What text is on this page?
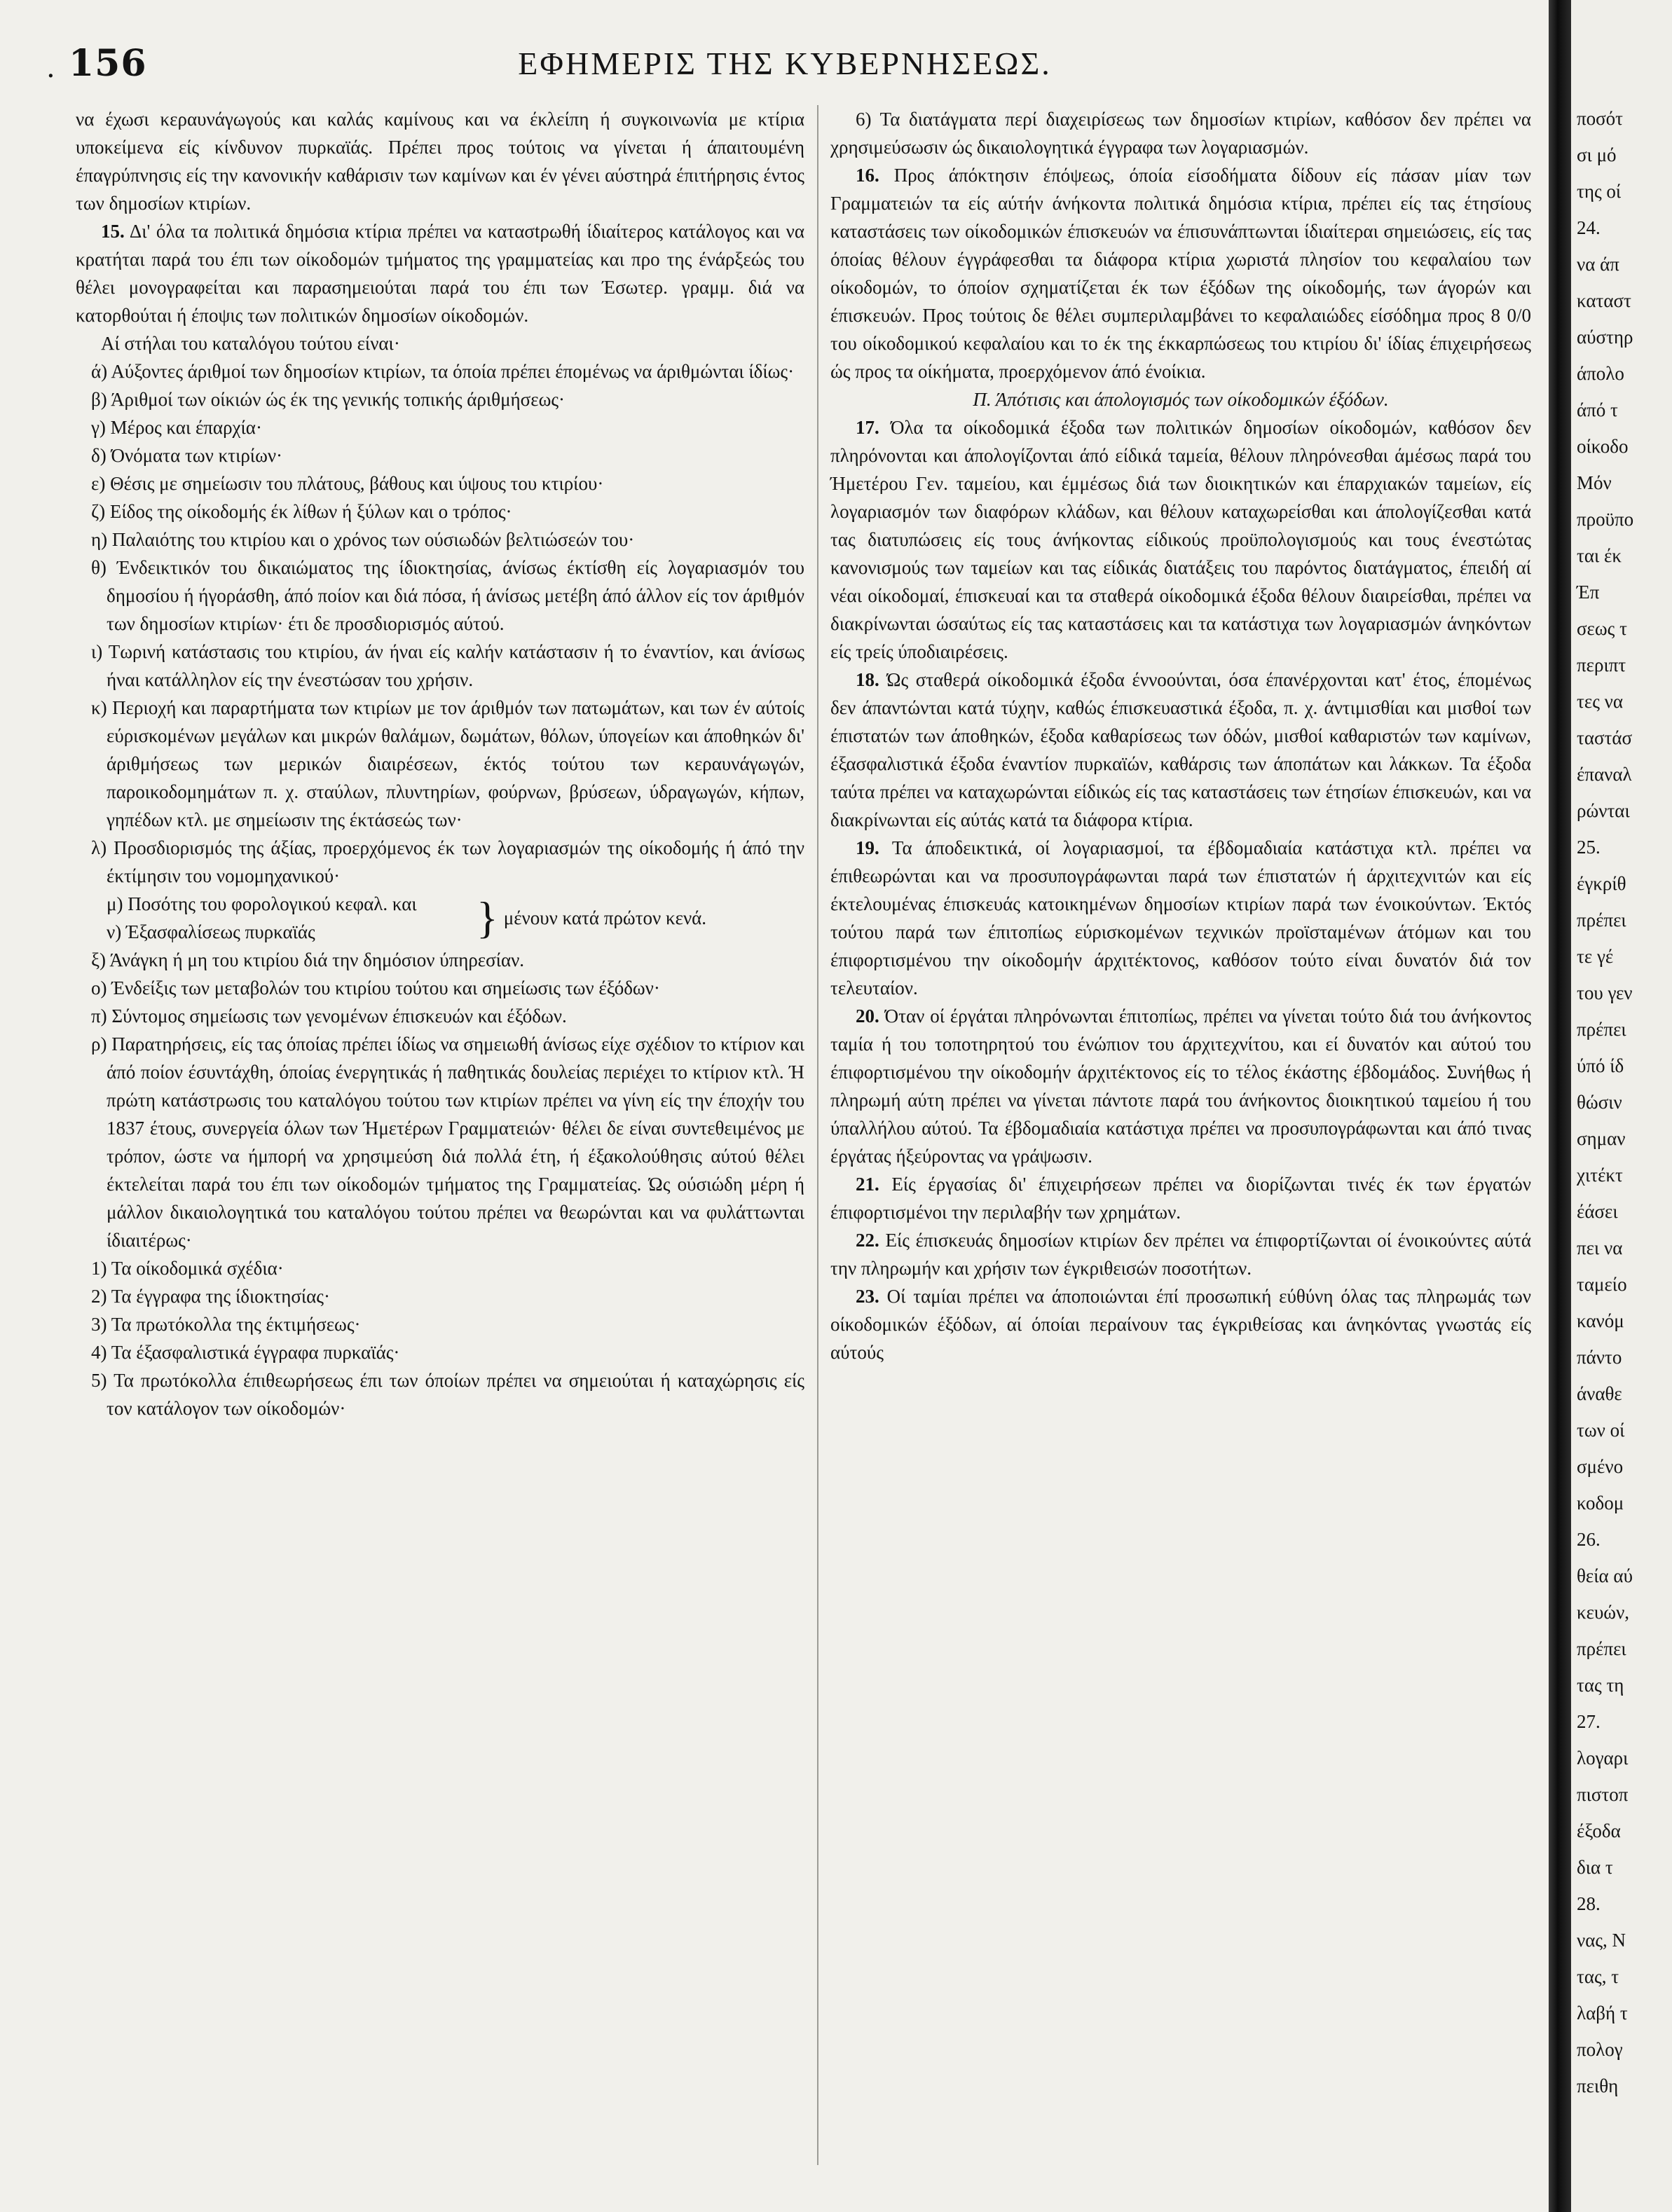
. 156	ΕΦΗΜΕΡΙΣ ΤΗΣ ΚΥΒΕΡΝΗΣΕΩΣ.

να έχωσι κεραυνάγωγούς και καλάς καμίνους και να έκλείπη ή συγκοινωνία με κτίρια υποκείμενα είς κίνδυνον πυρκαϊάς. Πρέπει προς τούτοις να γίνεται ή άπαιτουμένη έπαγρύπνησις είς την κανονικήν καθάρισιν των καμίνων και έν γένει αύστηρά έπιτήρησις έντος των δημοσίων κτιρίων.

15. Δι' όλα τα πολιτικά δημόσια κτίρια πρέπει να κατασtρωθή ίδιαίτερος κατάλογος και να κρατήται παρά του έπι των οίκοδομών τμήματος της γραμματείας και προ της ένάρξεώς του θέλει μονογραφείται και παρασημειούται παρά του έπι των Έσωτερ. γραμμ. διά να κατορθούται ή έποψις των πολιτικών δημοσίων οίκοδομών.

Αί στήλαι του καταλόγου τούτου είναι·

ά) Αύξοντες άριθμοί των δημοσίων κτιρίων, τα όποία πρέπει έπομένως να άριθμώνται ίδίως·

β) Άριθμοί των οίκιών ώς έκ της γενικής τοπικής άριθμήσεως·

γ) Μέρος και έπαρχία·

δ) Όνόματα των κτιρίων·

ε) Θέσις με σημείωσιν του πλάτους, βάθους και ύψους του κτιρίου·

ζ) Είδος της οίκοδομής έκ λίθων ή ξύλων και ο τρόπος·

η) Παλαιότης του κτιρίου και ο χρόνος των ούσιωδών βελτιώσεών του·

θ) Ένδεικτικόν του δικαιώματος της ίδιοκτησίας, άνίσως έκτίσθη είς λογαριασμόν του δημοσίου ή ήγοράσθη, άπό ποίον και διά πόσα, ή άνίσως μετέβη άπό άλλον είς τον άριθμόν των δημοσίων κτιρίων· έτι δε προσδιορισμός αύτού.

ι) Τωρινή κατάστασις του κτιρίου, άν ήναι είς καλήν κατάστασιν ή το έναντίον, και άνίσως ήναι κατάλληλον είς την ένεστώσαν του χρήσιν.

κ) Περιοχή και παραρτήματα των κτιρίων με τον άριθμόν των πατωμάτων, και των έν αύτοίς εύρισκομένων μεγάλων και μικρών θαλάμων, δωμάτων, θόλων, ύπογείων και άποθηκών δι' άριθμήσεως των μερικών διαιρέσεων, έκτός τούτου των κεραυνάγωγών, παροικοδομημάτων π. χ. σταύλων, πλυντηρίων, φούρνων, βρύσεων, ύδραγωγών, κήπων, γηπέδων κτλ. με σημείωσιν της έκτάσεώς των·

λ) Προσδιορισμός της άξίας, προερχόμενος έκ των λογαριασμών της οίκοδομής ή άπό την έκτίμησιν του νομομηχανικού·

μ) Ποσότης του φορολογικού κεφαλ. και

ν) Έξασφαλίσεως πυρκαϊάς	} μένουν κατά πρώτον κενά.

ξ) Άνάγκη ή μη του κτιρίου διά την δημόσιον ύπηρεσίαν.

ο) Ένδείξις των μεταβολών του κτιρίου τούτου και σημείωσις των έξόδων·

π) Σύντομος σημείωσις των γενομένων έπισκευών και έξόδων.

ρ) Παρατηρήσεις, είς τας όποίας πρέπει ίδίως να σημειωθή άνίσως είχε σχέδιον το κτίριον και άπό ποίον έσυντάχθη, όποίας ένεργητικάς ή παθητικάς δουλείας περιέχει το κτίριον κτλ. Ή πρώτη κατάστρωσις του καταλόγου τούτου των κτιρίων πρέπει να γίνη είς την έποχήν του 1837 έτους, συνεργεία όλων των Ήμετέρων Γραμματειών· θέλει δε είναι συντεθειμένος με τρόπον, ώστε να ήμπορή να χρησιμεύση διά πολλά έτη, ή έξακολούθησις αύτού θέλει έκτελείται παρά του έπι των οίκοδομών τμήματος της Γραμματείας. Ώς ούσιώδη μέρη ή μάλλον δικαιολογητικά του καταλόγου τούτου πρέπει να θεωρώνται και να φυλάττωνται ίδιαιτέρως·

1) Τα οίκοδομικά σχέδια·

2) Τα έγγραφα της ίδιοκτησίας·

3) Τα πρωτόκολλα της έκτιμήσεως·

4) Τα έξασφαλιστικά έγγραφα πυρκαϊάς·

5) Τα πρωτόκολλα έπιθεωρήσεως έπι των όποίων πρέπει να σημειούται ή καταχώρησις είς τον κατάλογον των οίκοδομών·

6) Τα διατάγματα περί διαχειρίσεως των δημοσίων κτιρίων, καθόσον δεν πρέπει να χρησιμεύσωσιν ώς δικαιολογητικά έγγραφα των λογαριασμών.

16. Προς άπόκτησιν έπόψεως, όποία είσοδήματα δίδουν είς πάσαν μίαν των Γραμματειών τα είς αύτήν άνήκοντα πολιτικά δημόσια κτίρια, πρέπει είς τας έτησίους καταστάσεις των οίκοδομικών έπισκευών να έπισυνάπτωνται ίδιαίτεραι σημειώσεις, είς τας όποίας θέλουν έγγράφεσθαι τα διάφορα κτίρια χωριστά πλησίον του κεφαλαίου των οίκοδομών, το όποίον σχηματίζεται έκ των έξόδων της οίκοδομής, των άγορών και έπισκευών. Προς τούτοις δε θέλει συμπεριλαμβάνει το κεφαλαιώδες είσόδημα προς 8 0/0 του οίκοδομικού κεφαλαίου και το έκ της έκκαρπώσεως του κτιρίου δι' ίδίας έπιχειρήσεως ώς προς τα οίκήματα, προερχόμενον άπό ένοίκια.

Π. Άπότισις και άπολογισμός των οίκοδομικών έξόδων.

17. Όλα τα οίκοδομικά έξοδα των πολιτικών δημοσίων οίκοδομών, καθόσον δεν πληρόνονται και άπολογίζονται άπό είδικά ταμεία, θέλουν πληρόνεσθαι άμέσως παρά του Ήμετέρου Γεν. ταμείου, και έμμέσως διά των διοικητικών και έπαρχιακών ταμείων, είς λογαριασμόν των διαφόρων κλάδων, και θέλουν καταχωρείσθαι και άπολογίζεσθαι κατά τας διατυπώσεις είς τους άνήκοντας είδικούς προϋπολογισμούς και τους ένεστώτας κανονισμούς των ταμείων και τας είδικάς διατάξεις του παρόντος διατάγματος, έπειδή αί νέαι οίκοδομαί, έπισκευαί και τα σταθερά οίκοδομικά έξοδα θέλουν διαιρείσθαι, πρέπει να διακρίνωνται ώσαύτως είς τας καταστάσεις και τα κατάστιχα των λογαριασμών άνηκόντων είς τρείς ύποδιαιρέσεις.

18. Ώς σταθερά οίκοδομικά έξοδα έννοούνται, όσα έπανέρχονται κατ' έτος, έπομένως δεν άπαντώνται κατά τύχην, καθώς έπισκευαστικά έξοδα, π. χ. άντιμισθίαι και μισθοί των έπιστατών των άποθηκών, έξοδα καθαρίσεως των όδών, μισθοί καθαριστών των καμίνων, έξασφαλιστικά έξοδα έναντίον πυρκαϊών, καθάρσις των άποπάτων και λάκκων. Τα έξοδα ταύτα πρέπει να καταχωρώνται είδικώς είς τας καταστάσεις των έτησίων έπισκευών, και να διακρίνωνται είς αύτάς κατά τα διάφορα κτίρια.

19. Τα άποδεικτικά, οί λογαριασμοί, τα έβδομαδιαία κατάστιχα κτλ. πρέπει να έπιθεωρώνται και να προσυπογράφωνται παρά των έπιστατών ή άρχιτεχνιτών και είς έκτελουμένας έπισκευάς κατοικημένων δημοσίων κτιρίων παρά των ένοικούντων. Έκτός τούτου παρά των έπιτοπίως εύρισκομένων τεχνικών προϊσταμένων άτόμων και του έπιφορτισμένου την οίκοδομήν άρχιτέκτονος, καθόσον τούτο είναι δυνατόν διά τον τελευταίον.

20. Όταν οί έργάται πληρόνωνται έπιτοπίως, πρέπει να γίνεται τούτο διά του άνήκοντος ταμία ή του τοποτηρητού του ένώπιον του άρχιτεχνίτου, και εί δυνατόν και αύτού του έπιφορτισμένου την οίκοδομήν άρχιτέκτονος είς το τέλος έκάστης έβδομάδος. Συνήθως ή πληρωμή αύτη πρέπει να γίνεται πάντοτε παρά του άνήκοντος διοικητικού ταμείου ή του ύπαλλήλου αύτού. Τα έβδομαδιαία κατάστιχα πρέπει να προσυπογράφωνται και άπό τινας έργάτας ήξεύροντας να γράψωσιν.

21. Είς έργασίας δι' έπιχειρήσεων πρέπει να διορίζωνται τινές έκ των έργατών έπιφορτισμένοι την περιλαβήν των χρημάτων.

22. Είς έπισκευάς δημοσίων κτιρίων δεν πρέπει να έπιφορτίζωνται οί ένοικούντες αύτά την πληρωμήν και χρήσιν των έγκριθεισών ποσοτήτων.

23. Οί ταμίαι πρέπει να άποποιώνται έπί προσωπική εύθύνη όλας τας πληρωμάς των οίκοδομικών έξόδων, αί όποίαι περαίνουν τας έγκριθείσας και άνηκόντας γνωστάς είς αύτούς

ποσότ
σι μό
της οί
24.
να άπ
καταστ
αύστηρ
άπολο
άπό τ
οίκοδο
Μόν
προϋπο
ται έκ
Έπ
σεως τ
περιπτ
τες να
ταστάσ
έπαναλ
ρώνται
25.
έγκρίθ
πρέπει
τε γέ
του γεν
πρέπει
ύπό ίδ
θώσιν
σημαν
χιτέκτ
έάσει
πει να
ταμείο
κανόμ
πάντο
άναθε
των οί
σμένο
κοδομ
26.
θεία αύ
κευών,
πρέπει
τας τη
27.
λογαρι
πιστοπ
έξοδα
δια τ
28.
νας, Ν
τας, τ
λαβή τ
πολογ
πειθη
